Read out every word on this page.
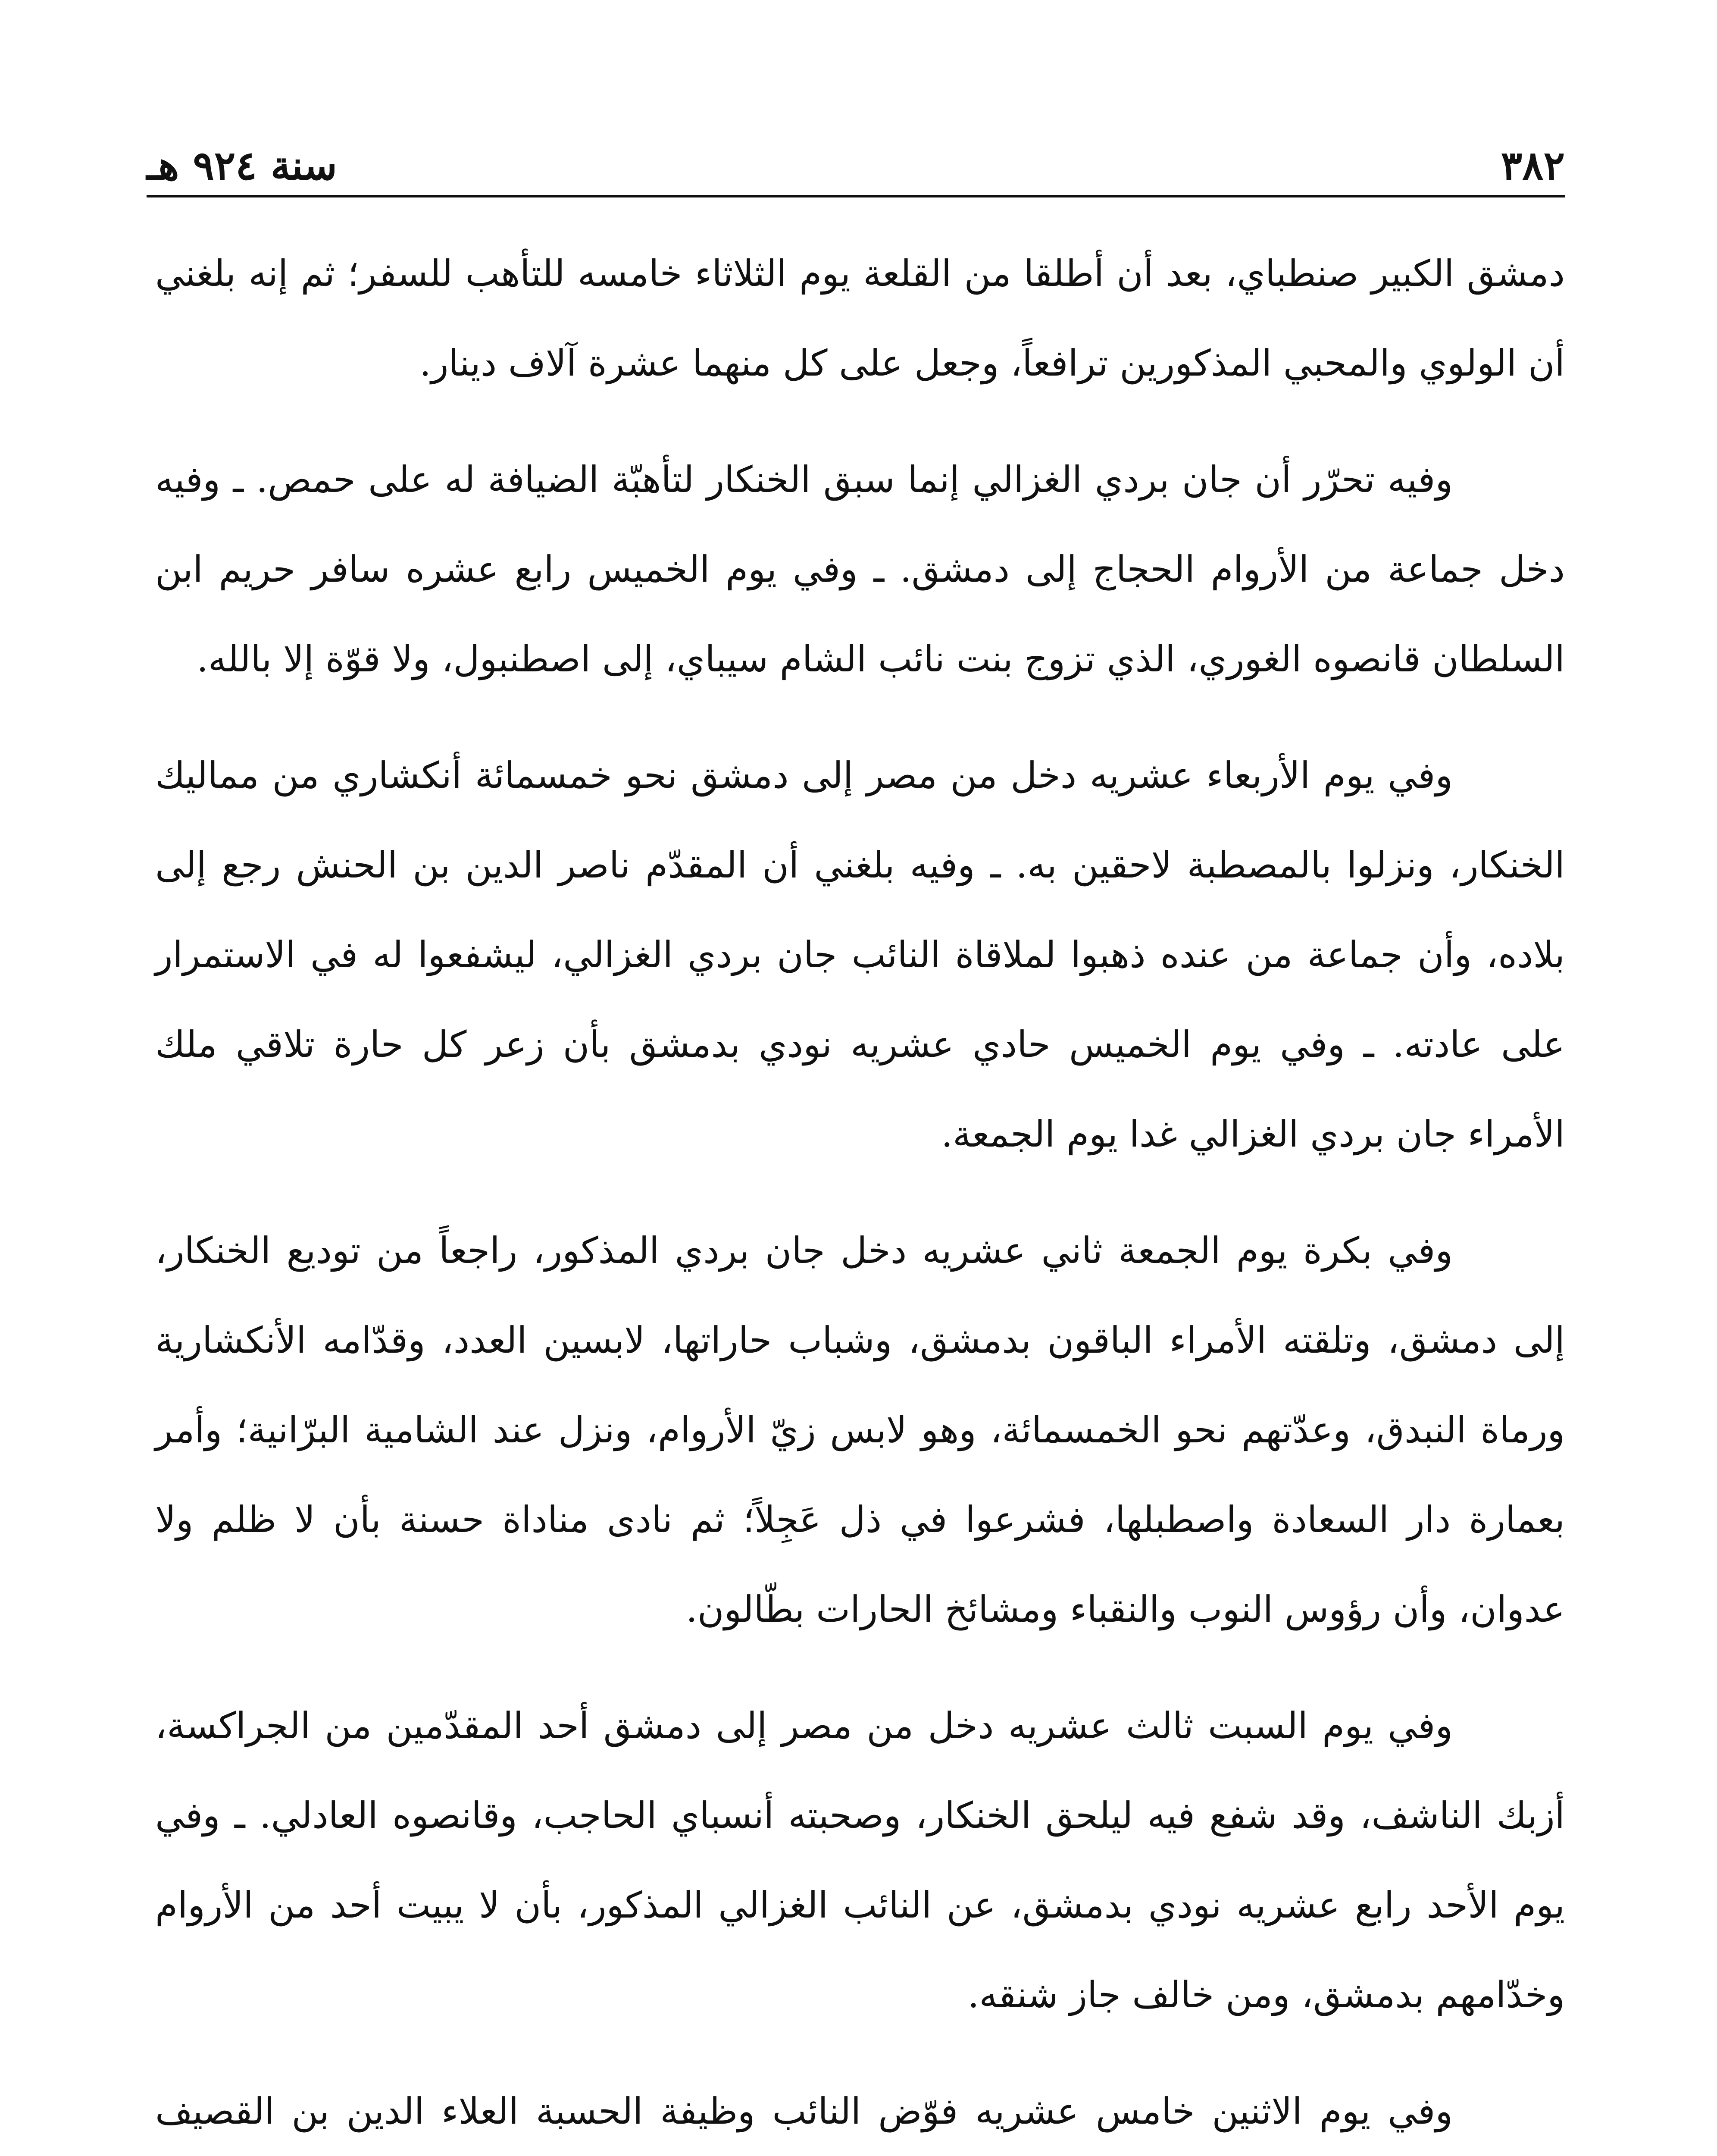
٣٨٢
سنة ٩٢٤ هـ

دمشق الكبير صنطباي، بعد أن أطلقا من القلعة يوم الثلاثاء خامسه للتأهب للسفر؛ ثم إنه بلغني أن الولوي والمحبي المذكورين ترافعاً، وجعل على كل منهما عشرة آلاف دينار.

وفيه تحرّر أن جان بردي الغزالي إنما سبق الخنكار لتأهبّة الضيافة له على حمص. ـ وفيه دخل جماعة من الأروام الحجاج إلى دمشق. ـ وفي يوم الخميس رابع عشره سافر حريم ابن السلطان قانصوه الغوري، الذي تزوج بنت نائب الشام سيباي، إلى اصطنبول، ولا قوّة إلا بالله.

وفي يوم الأربعاء عشريه دخل من مصر إلى دمشق نحو خمسمائة أنكشاري من مماليك الخنكار، ونزلوا بالمصطبة لاحقين به. ـ وفيه بلغني أن المقدّم ناصر الدين بن الحنش رجع إلى بلاده، وأن جماعة من عنده ذهبوا لملاقاة النائب جان بردي الغزالي، ليشفعوا له في الاستمرار على عادته. ـ وفي يوم الخميس حادي عشريه نودي بدمشق بأن زعر كل حارة تلاقي ملك الأمراء جان بردي الغزالي غدا يوم الجمعة.

وفي بكرة يوم الجمعة ثاني عشريه دخل جان بردي المذكور، راجعاً من توديع الخنكار، إلى دمشق، وتلقته الأمراء الباقون بدمشق، وشباب حاراتها، لابسين العدد، وقدّامه الأنكشارية ورماة النبدق، وعدّتهم نحو الخمسمائة، وهو لابس زيّ الأروام، ونزل عند الشامية البرّانية؛ وأمر بعمارة دار السعادة واصطبلها، فشرعوا في ذل عَجِلاً؛ ثم نادى مناداة حسنة بأن لا ظلم ولا عدوان، وأن رؤوس النوب والنقباء ومشائخ الحارات بطّالون.

وفي يوم السبت ثالث عشريه دخل من مصر إلى دمشق أحد المقدّمين من الجراكسة، أزبك الناشف، وقد شفع فيه ليلحق الخنكار، وصحبته أنسباي الحاجب، وقانصوه العادلي. ـ وفي يوم الأحد رابع عشريه نودي بدمشق، عن النائب الغزالي المذكور، بأن لا يبيت أحد من الأروام وخدّامهم بدمشق، ومن خالف جاز شنقه.

وفي يوم الاثنين خامس عشريه فوّض النائب وظيفة الحسبة العلاء الدين بن القصيف
